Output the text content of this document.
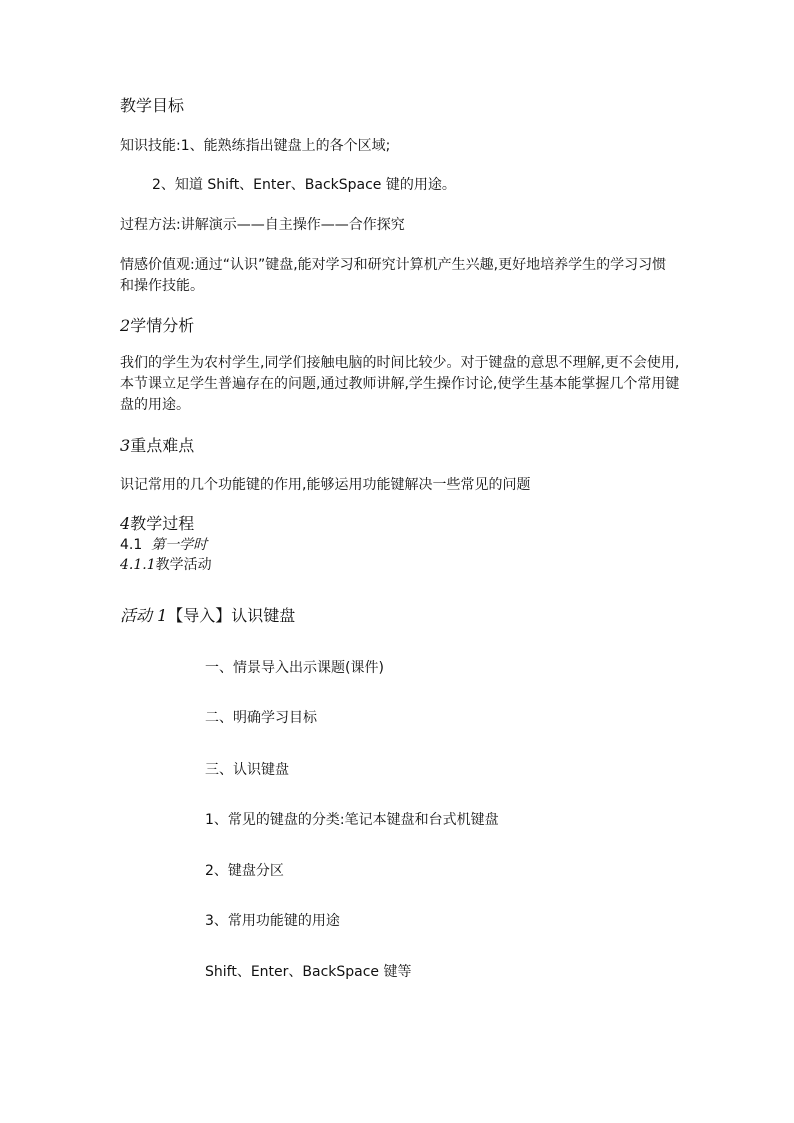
教学目标
知识技能:1、能熟练指出键盘上的各个区域;
2、知道 Shift、Enter、BackSpace 键的用途。
过程方法:讲解演示——自主操作——合作探究
情感价值观:通过“认识”键盘,能对学习和研究计算机产生兴趣,更好地培养学生的学习习惯和操作技能。
2学情分析
我们的学生为农村学生,同学们接触电脑的时间比较少。对于键盘的意思不理解,更不会使用,本节课立足学生普遍存在的问题,通过教师讲解,学生操作讨论,使学生基本能掌握几个常用键盘的用途。
3重点难点
识记常用的几个功能键的作用,能够运用功能键解决一些常见的问题
4教学过程
4.1 第一学时
4.1.1教学活动
活动 1【导入】认识键盘
一、情景导入出示课题(课件)
二、明确学习目标
三、认识键盘
1、常见的键盘的分类:笔记本键盘和台式机键盘
2、键盘分区
3、常用功能键的用途
Shift、Enter、BackSpace 键等
